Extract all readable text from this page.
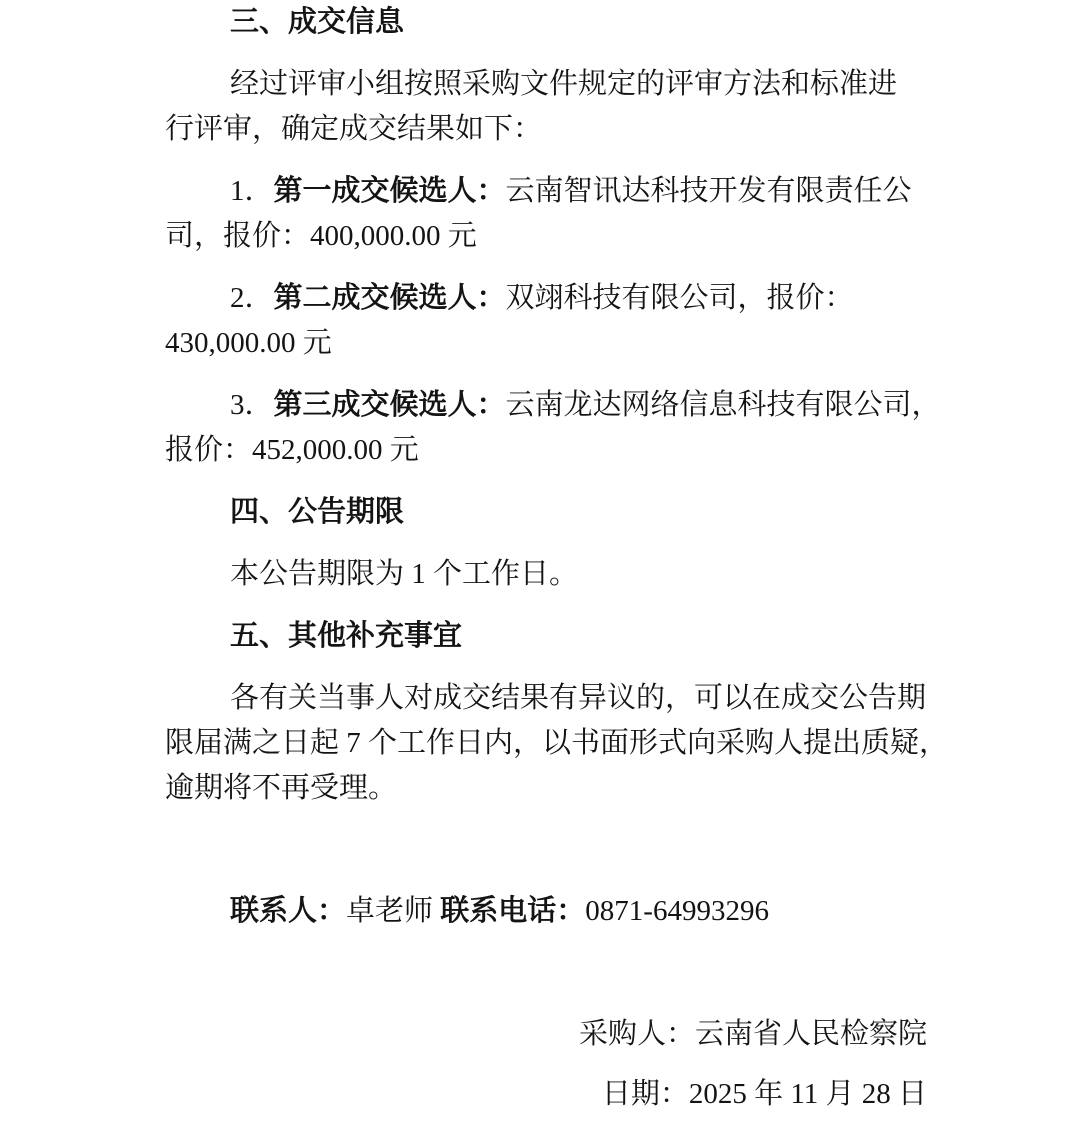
三、成交信息
经过评审小组按照采购文件规定的评审方法和标准进
行评审，确定成交结果如下：
1．第一成交候选人：云南智讯达科技开发有限责任公
司，报价：400,000.00 元
2．第二成交候选人：双翊科技有限公司，报价：
430,000.00 元
3．第三成交候选人：云南龙达网络信息科技有限公司，
报价：452,000.00 元
四、公告期限
本公告期限为 1 个工作日。
五、其他补充事宜
各有关当事人对成交结果有异议的，可以在成交公告期
限届满之日起 7 个工作日内，以书面形式向采购人提出质疑，
逾期将不再受理。
联系人：卓老师 联系电话：0871-64993296
采购人：云南省人民检察院
日期：2025 年 11 月 28 日
